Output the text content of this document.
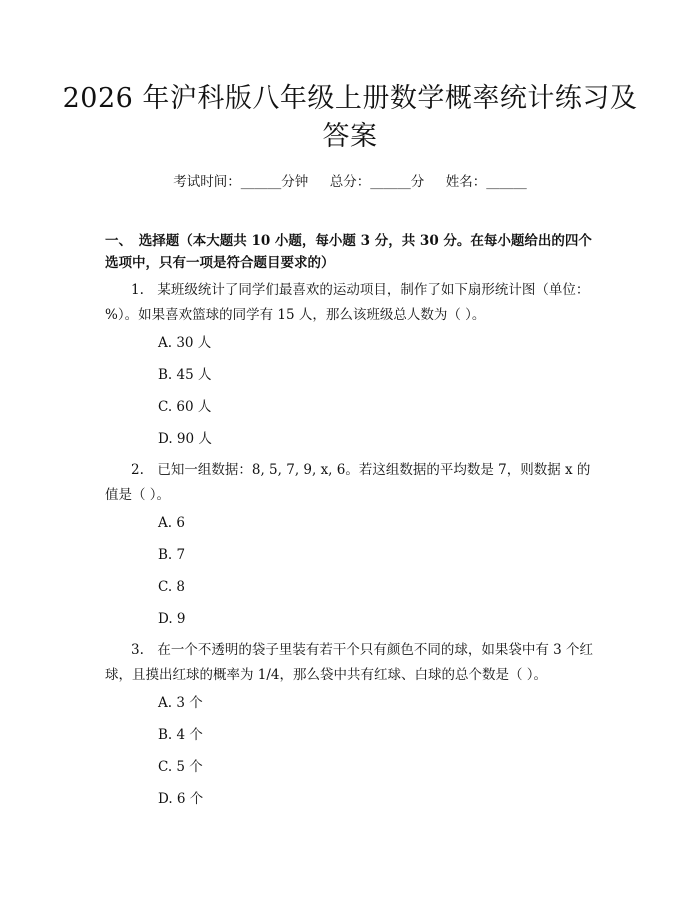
2026 年沪科版八年级上册数学概率统计练习及答案
考试时间：______分钟     总分：______分     姓名：______
一、　选择题（本大题共 10 小题，每小题 3 分，共 30 分。在每小题给出的四个选项中，只有一项是符合题目要求的）
1.　某班级统计了同学们最喜欢的运动项目，制作了如下扇形统计图（单位：%）。如果喜欢篮球的同学有 15 人，那么该班级总人数为（ ）。
A. 30 人
B. 45 人
C. 60 人
D. 90 人
2.　已知一组数据：8, 5, 7, 9, x, 6。若这组数据的平均数是 7，则数据 x 的值是（ ）。
A. 6
B. 7
C. 8
D. 9
3.　在一个不透明的袋子里装有若干个只有颜色不同的球，如果袋中有 3 个红球，且摸出红球的概率为 1/4，那么袋中共有红球、白球的总个数是（ ）。
A. 3 个
B. 4 个
C. 5 个
D. 6 个
